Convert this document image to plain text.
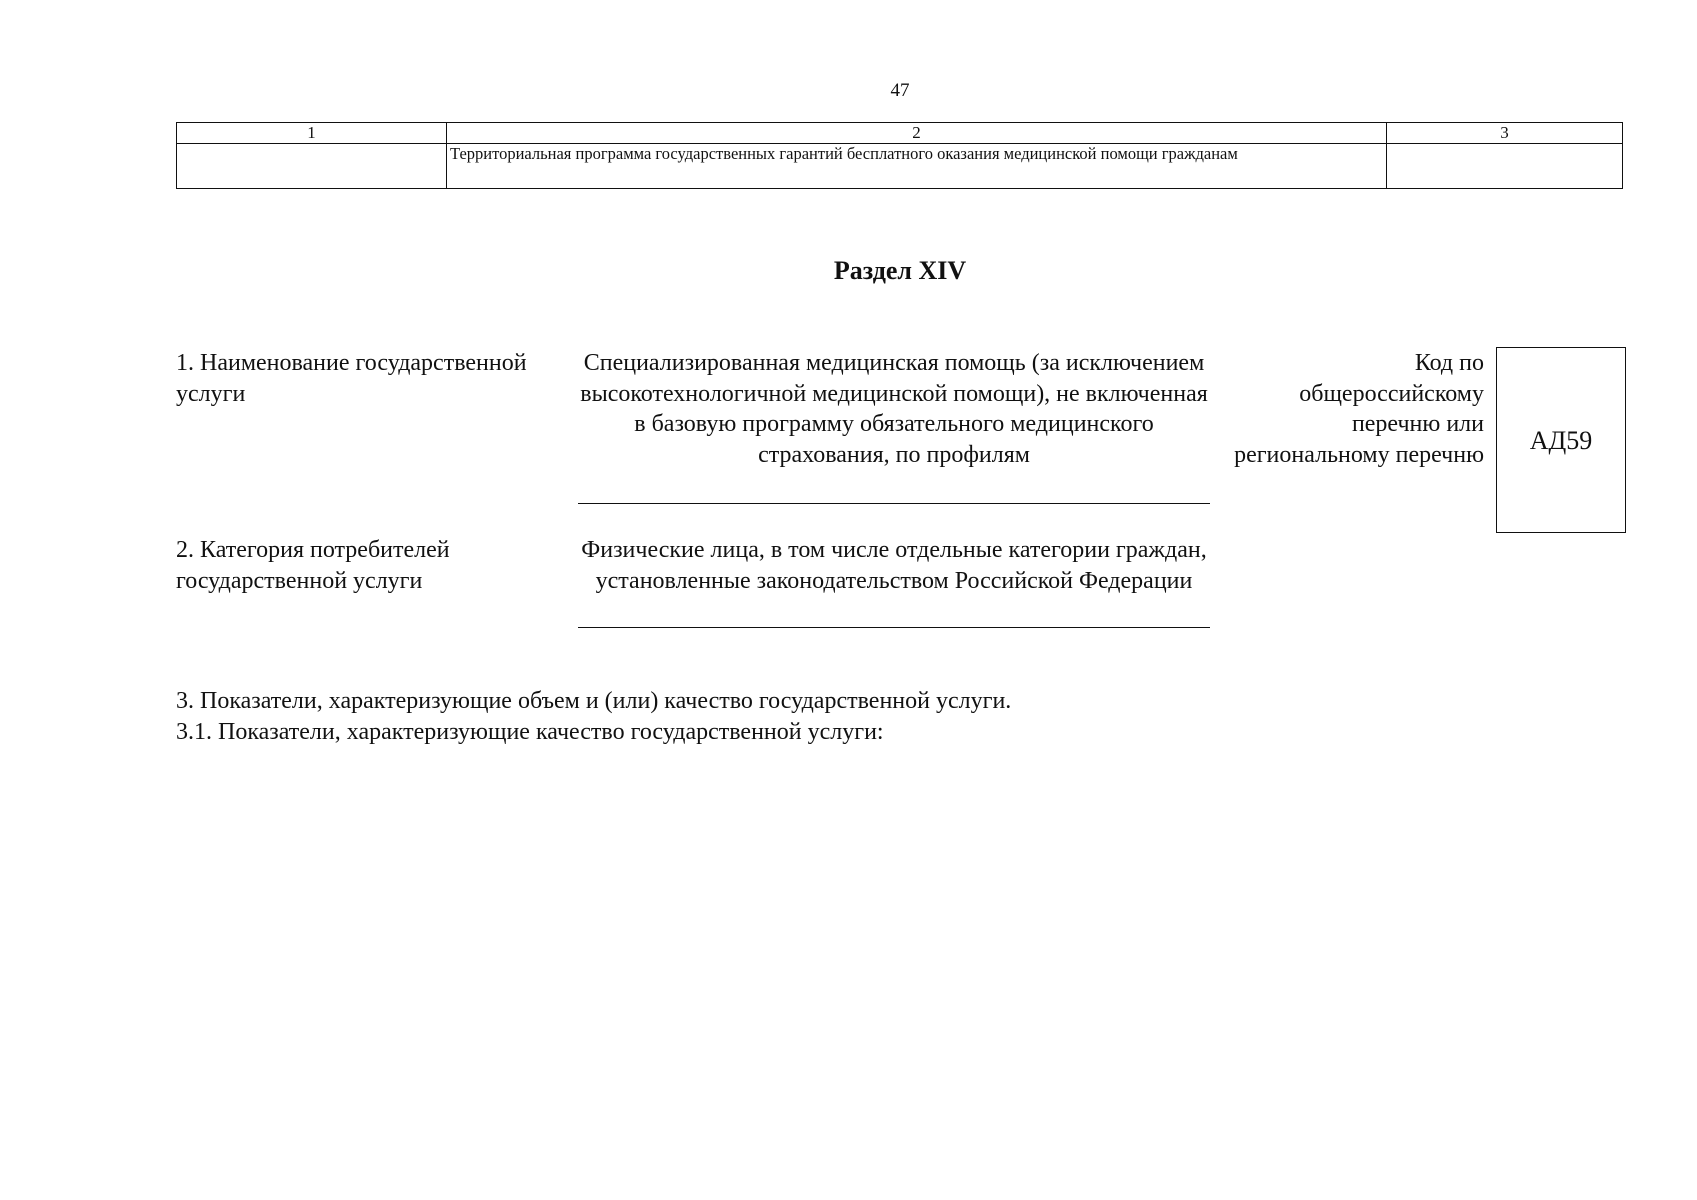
47
1	2	3
	Территориальная программа государственных гарантий бесплатного оказания медицинской помощи гражданам	
Раздел XIV
1. Наименование государственной услуги
Специализированная медицинская помощь (за исключением высокотехнологичной медицинской помощи), не включенная в базовую программу обязательного медицинского страхования, по профилям
Код по общероссийскому перечню или региональному перечню АД59
2. Категория потребителей государственной услуги
Физические лица, в том числе отдельные категории граждан, установленные законодательством Российской Федерации
3. Показатели, характеризующие объем и (или) качество государственной услуги.
3.1. Показатели, характеризующие качество государственной услуги:
